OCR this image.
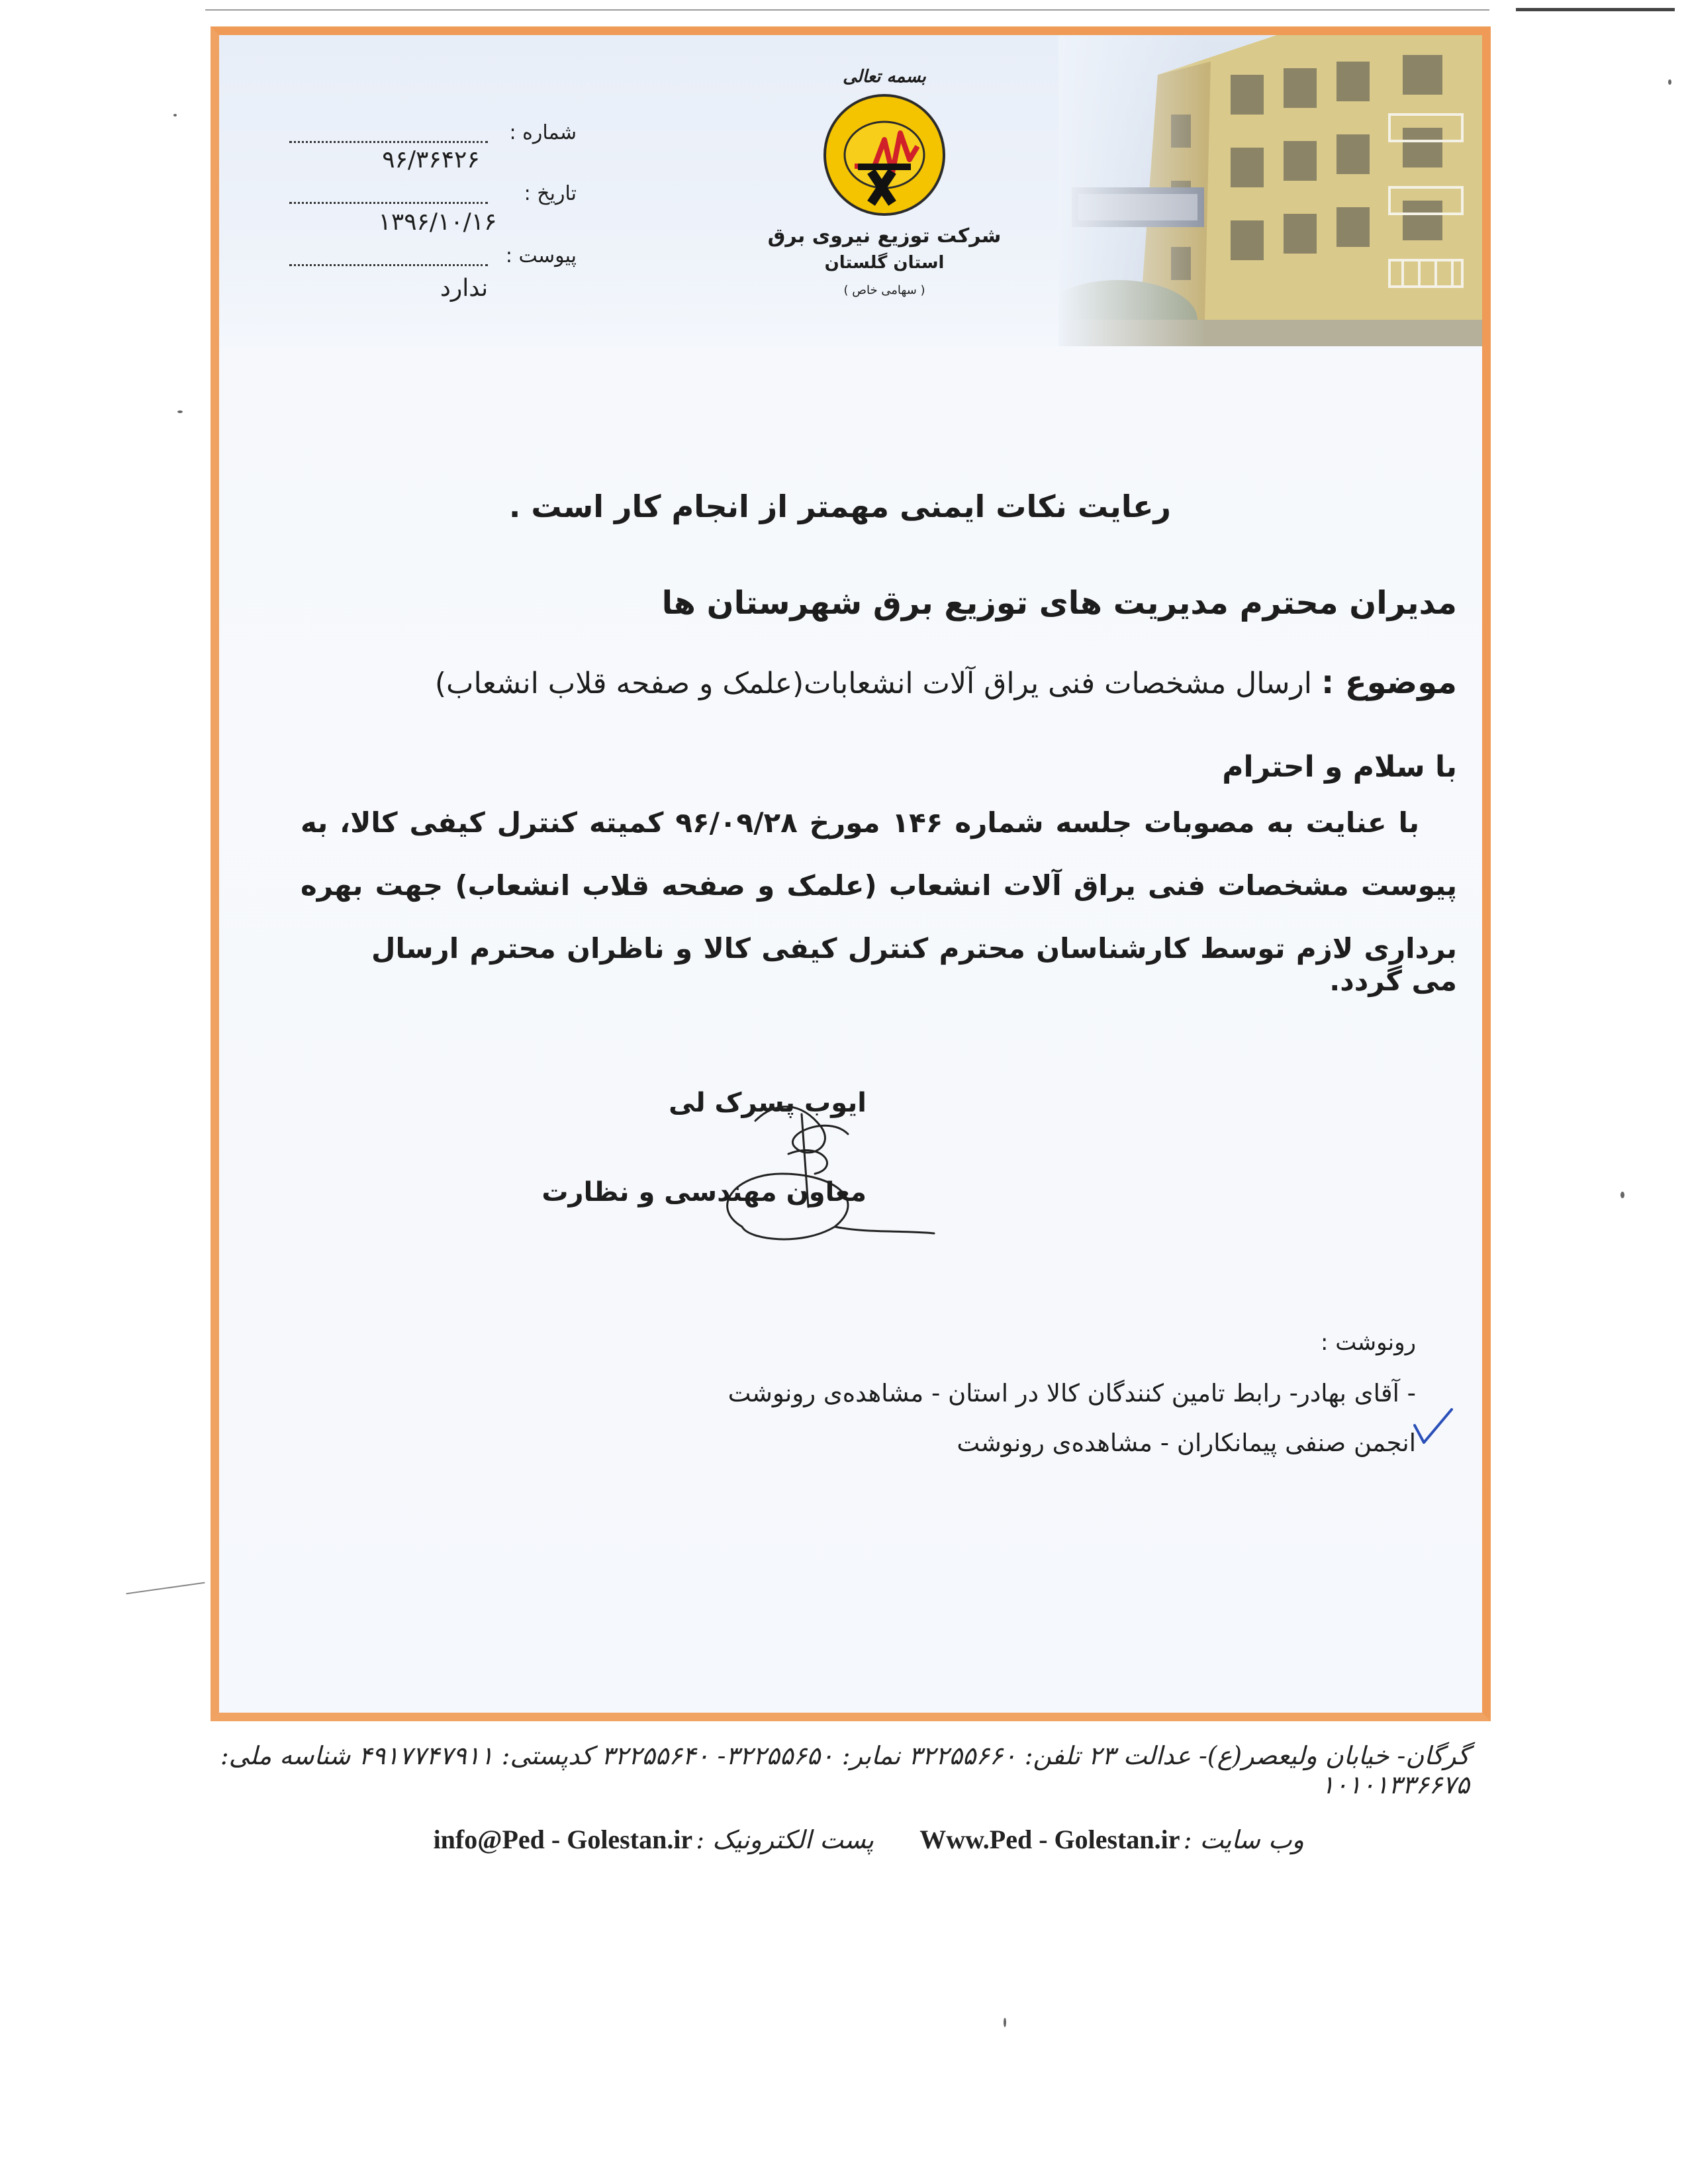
شماره :
۹۶/۳۶۴۲۶
تاریخ :
۱۳۹۶/۱۰/۱۶
پیوست :
ندارد
بسمه تعالی
شرکت توزیع نیروی برق
استان گلستان
( سهامی خاص )
رعایت نکات ایمنی مهمتر از انجام کار است .
مدیران محترم مدیریت های توزیع برق شهرستان ها
موضوع : ارسال مشخصات فنی یراق آلات انشعابات(علمک و صفحه قلاب انشعاب)
با سلام و احترام
با عنایت به مصوبات جلسه شماره ۱۴۶ مورخ ۹۶/۰۹/۲۸ کمیته کنترل کیفی کالا، به
پیوست مشخصات فنی یراق آلات انشعاب (علمک و صفحه قلاب انشعاب) جهت بهره
برداری لازم توسط کارشناسان محترم کنترل کیفی کالا و ناظران محترم ارسال می گردد.
ایوب پسرک لی
معاون مهندسی و نظارت
رونوشت :
- آقای بهادر- رابط تامین کنندگان کالا در استان - مشاهده‌ی رونوشت
انجمن صنفی پیمانکاران - مشاهده‌ی رونوشت
گرگان- خیابان ولیعصر(ع)- عدالت ۲۳ تلفن: ۳۲۲۵۵۶۶۰ نمابر: ۳۲۲۵۵۶۵۰- ۳۲۲۵۵۶۴۰ کدپستی: ۴۹۱۷۷۴۷۹۱۱ شناسه ملی: ۱۰۱۰۱۳۳۶۶۷۵
وب سایت : Www.Ped - Golestan.ir
پست الکترونیک : info@Ped - Golestan.ir
